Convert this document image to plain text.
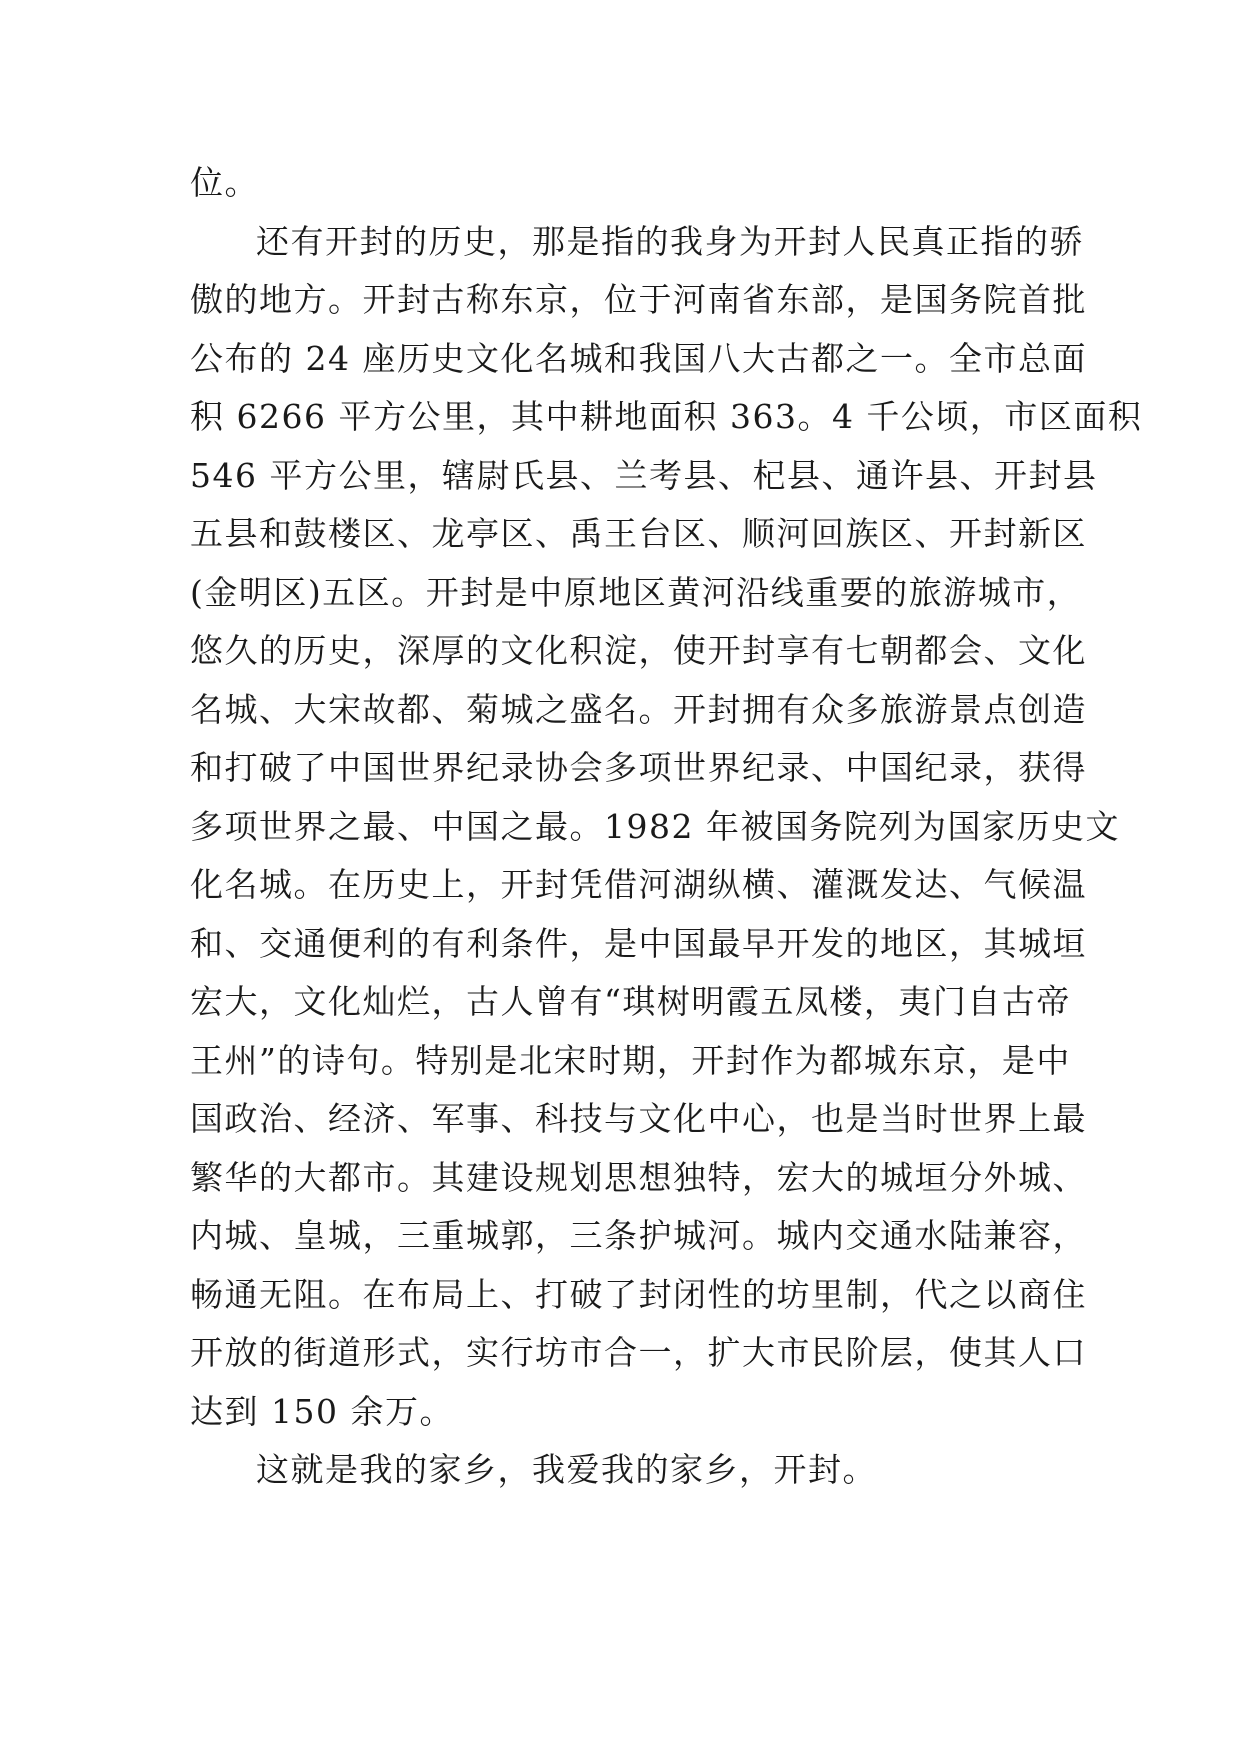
位。
还有开封的历史，那是指的我身为开封人民真正指的骄
傲的地方。开封古称东京，位于河南省东部，是国务院首批
公布的 24 座历史文化名城和我国八大古都之一。全市总面
积 6266 平方公里，其中耕地面积 363。4 千公顷，市区面积
546 平方公里，辖尉氏县、兰考县、杞县、通许县、开封县
五县和鼓楼区、龙亭区、禹王台区、顺河回族区、开封新区
(金明区)五区。开封是中原地区黄河沿线重要的旅游城市，
悠久的历史，深厚的文化积淀，使开封享有七朝都会、文化
名城、大宋故都、菊城之盛名。开封拥有众多旅游景点创造
和打破了中国世界纪录协会多项世界纪录、中国纪录，获得
多项世界之最、中国之最。1982 年被国务院列为国家历史文
化名城。在历史上，开封凭借河湖纵横、灌溉发达、气候温
和、交通便利的有利条件，是中国最早开发的地区，其城垣
宏大，文化灿烂，古人曾有“琪树明霞五凤楼，夷门自古帝
王州”的诗句。特别是北宋时期，开封作为都城东京，是中
国政治、经济、军事、科技与文化中心，也是当时世界上最
繁华的大都市。其建设规划思想独特，宏大的城垣分外城、
内城、皇城，三重城郭，三条护城河。城内交通水陆兼容，
畅通无阻。在布局上、打破了封闭性的坊里制，代之以商住
开放的街道形式，实行坊市合一，扩大市民阶层，使其人口
达到 150 余万。
这就是我的家乡，我爱我的家乡，开封。
